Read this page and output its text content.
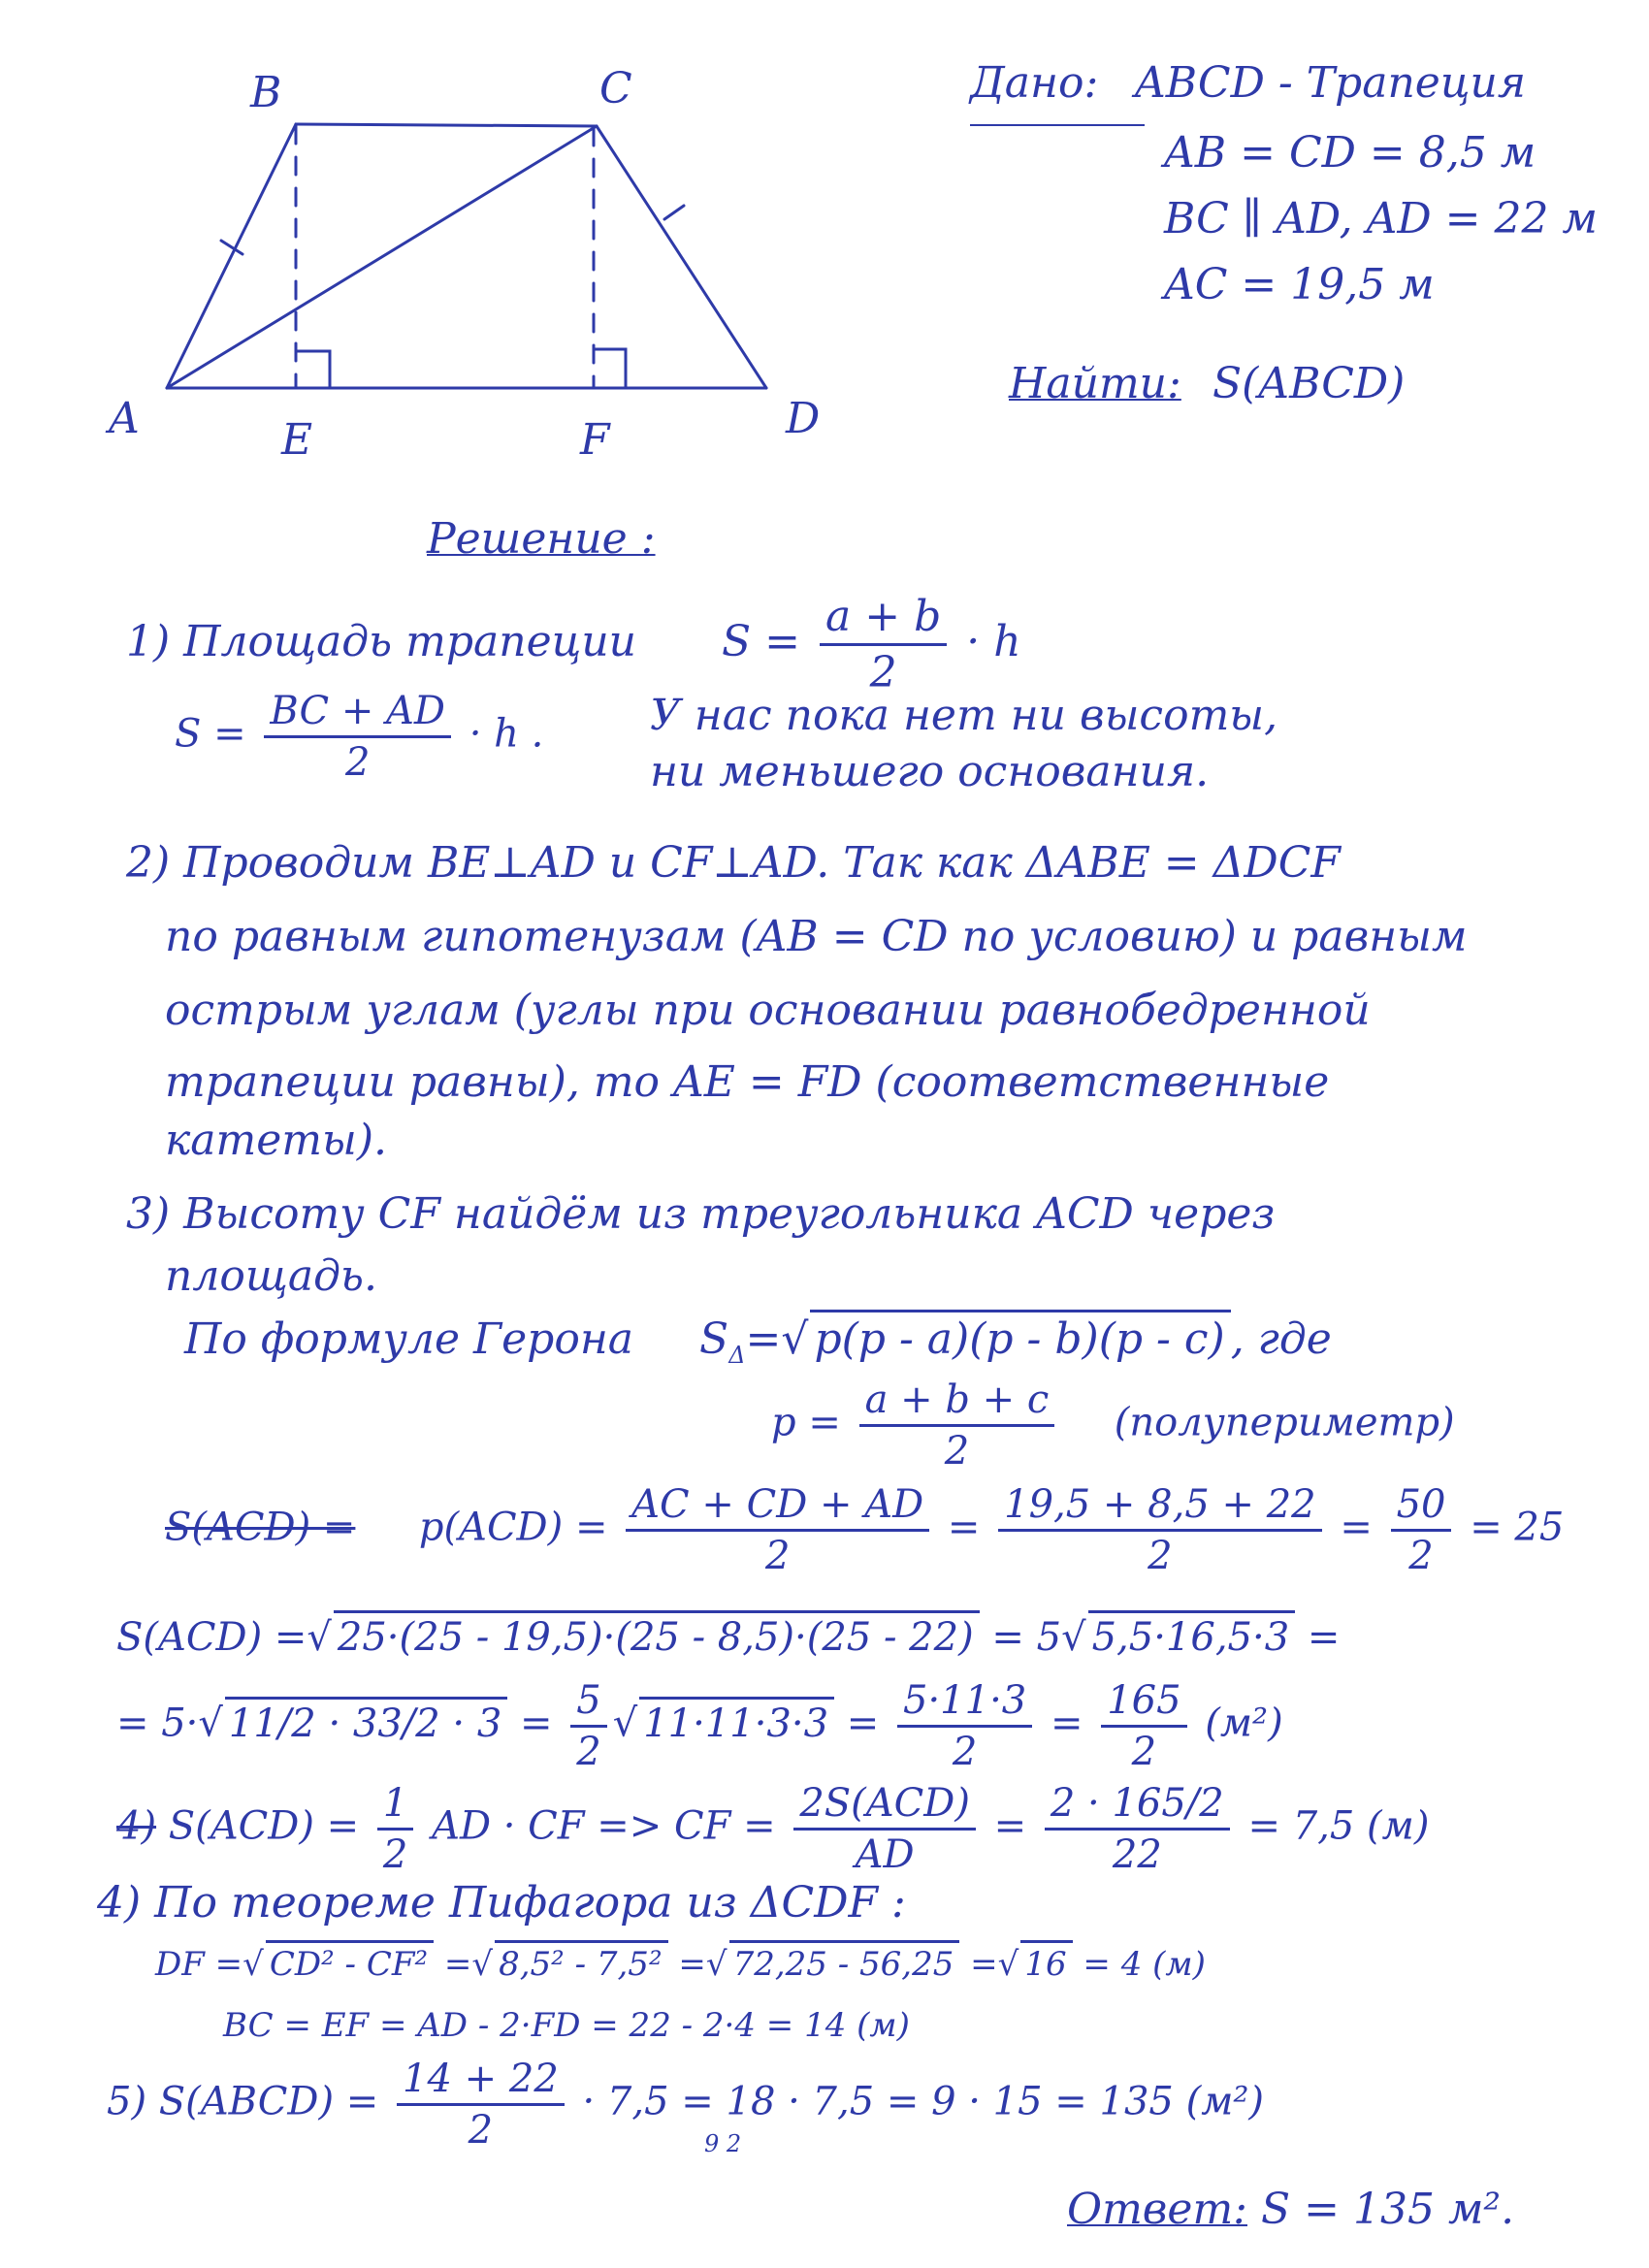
B	C
A	E	F	D
Дано: ABCD - Трапеция
AB = CD = 8,5 м
BC ∥ AD, AD = 22 м
AC = 19,5 м
Найти: S(ABCD)
Решение :
1) Площадь трапеции $S = \frac{a + b}{2} \cdot h$
$S = \frac{BC + AD}{2} \cdot h$ . У нас пока нет ни высоты,
ни меньшего основания.
2) Проводим BE⊥AD и CF⊥AD. Так как ΔABE = ΔDCF
по равным гипотенузам (AB = CD по условию) и равным
острым углам (углы при основании равнобедренной
трапеции равны), то AE = FD (соответственные
катеты).
3) Высоту CF найдём из треугольника ACD через
площадь.
По формуле Герона $S_\Delta=√$ p(p - a)(p - b)(p - c) , где
$p = \frac{a + b + c}{2}$ (полупериметр)
$S(ACD) = p(ACD) = \frac{AC + CD + AD}{2} = \frac{19,5 + 8,5 + 22}{2} = \frac{50}{2} = 25$
S(ACD) =√ 25·(25 - 19,5)·(25 - 8,5)·(25 - 22) = 5√ 5,5·16,5·3 =
= 5·√ $11/2 \cdot 33/2 \cdot 3 = \frac{5}{2}$ √ $11\cdot 11\cdot 3\cdot 3 = \frac{5\cdot 11\cdot 3}{2} = \frac{165}{2} (м^2)$
4) $S(ACD) = \frac{1}{2}$ AD · CF => CF = $\frac{\text{2S(ACD)}}{AD} = \frac{2 \cdot 165/2}{22} = 7,5$ (м)
4) По теореме Пифагора из ΔCDF :
DF =√ CD² - CF² =√ 8,5² - 7,5² =√ 72,25 - 56,25 =√ 16 = 4 (м)
BC = EF = AD - 2·FD = 22 - 2·4 = 14 (м)
5) S(ABCD) = $\frac{14 + 22}{2} \cdot 7,5 = 18 \cdot 7,5 = 9 \cdot 15 = 135$ (м²)
9 2
Ответ: S = 135 м².
